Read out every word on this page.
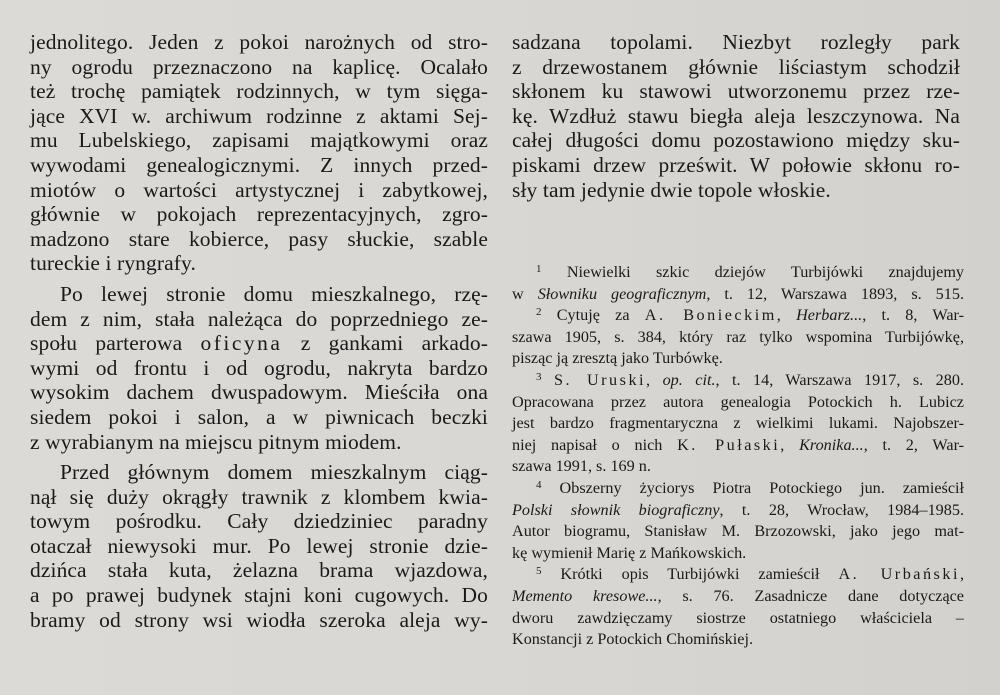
jednolitego. Jeden z pokoi narożnych od stro-
ny ogrodu przeznaczono na kaplicę. Ocalało
też trochę pamiątek rodzinnych, w tym sięga-
jące XVI w. archiwum rodzinne z aktami Sej-
mu Lubelskiego, zapisami majątkowymi oraz
wywodami genealogicznymi. Z innych przed-
miotów o wartości artystycznej i zabytkowej,
głównie w pokojach reprezentacyjnych, zgro-
madzono stare kobierce, pasy słuckie, szable
tureckie i ryngrafy.
Po lewej stronie domu mieszkalnego, rzę-
dem z nim, stała należąca do poprzedniego ze-
społu parterowa oficyna z gankami arkado-
wymi od frontu i od ogrodu, nakryta bardzo
wysokim dachem dwuspadowym. Mieściła ona
siedem pokoi i salon, a w piwnicach beczki
z wyrabianym na miejscu pitnym miodem.
Przed głównym domem mieszkalnym ciąg-
nął się duży okrągły trawnik z klombem kwia-
towym pośrodku. Cały dziedziniec paradny
otaczał niewysoki mur. Po lewej stronie dzie-
dzińca stała kuta, żelazna brama wjazdowa,
a po prawej budynek stajni koni cugowych. Do
bramy od strony wsi wiodła szeroka aleja wy-
sadzana topolami. Niezbyt rozległy park
z drzewostanem głównie liściastym schodził
skłonem ku stawowi utworzonemu przez rze-
kę. Wzdłuż stawu biegła aleja leszczynowa. Na
całej długości domu pozostawiono między sku-
piskami drzew prześwit. W połowie skłonu ro-
sły tam jedynie dwie topole włoskie.
$^1$ Niewielki szkic dziejów Turbijówki znajdujemy
w Słowniku geograficznym, t. 12, Warszawa 1893, s. 515.
$^2$ Cytuję za A. Bonieckim, Herbarz..., t. 8, War-
szawa 1905, s. 384, który raz tylko wspomina Turbijówkę,
pisząc ją zresztą jako Turbówkę.
$^3$ S. Uruski, op. cit., t. 14, Warszawa 1917, s. 280.
Opracowana przez autora genealogia Potockich h. Lubicz
jest bardzo fragmentaryczna z wielkimi lukami. Najobszer-
niej napisał o nich K. Pułaski, Kronika..., t. 2, War-
szawa 1991, s. 169 n.
$^4$ Obszerny życiorys Piotra Potockiego jun. zamieścił
Polski słownik biograficzny, t. 28, Wrocław, 1984–1985.
Autor biogramu, Stanisław M. Brzozowski, jako jego mat-
kę wymienił Marię z Mańkowskich.
$^5$ Krótki opis Turbijówki zamieścił A. Urbański,
Memento kresowe..., s. 76. Zasadnicze dane dotyczące
dworu zawdzięczamy siostrze ostatniego właściciela –
Konstancji z Potockich Chomińskiej.
